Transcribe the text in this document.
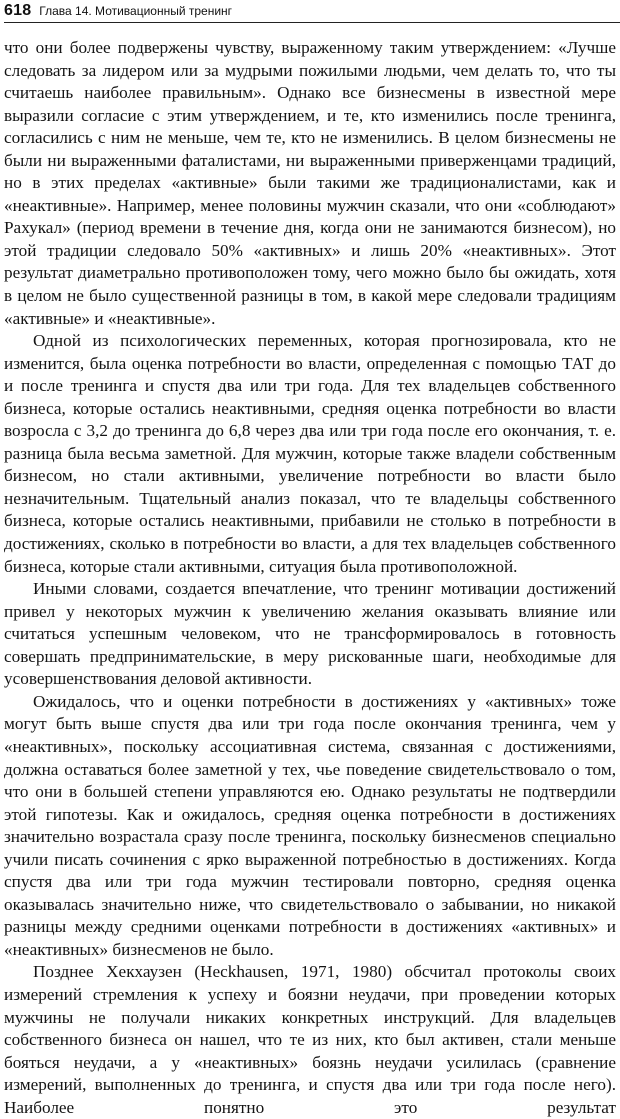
618 Глава 14. Мотивационный тренинг

что они более подвержены чувству, выраженному таким утверждением: «Лучше следовать за лидером или за мудрыми пожилыми людьми, чем делать то, что ты считаешь наиболее правильным». Однако все бизнесмены в известной мере выразили согласие с этим утверждением, и те, кто изменились после тренинга, согласились с ним не меньше, чем те, кто не изменились. В целом бизнесмены не были ни выраженными фаталистами, ни выраженными приверженцами традиций, но в этих пределах «активные» были такими же традиционалистами, как и «неактивные». Например, менее половины мужчин сказали, что они «соблюдают» Рахукал» (период времени в течение дня, когда они не занимаются бизнесом), но этой традиции следовало 50% «активных» и лишь 20% «неактивных». Этот результат диаметрально противоположен тому, чего можно было бы ожидать, хотя в целом не было существенной разницы в том, в какой мере следовали традициям «активные» и «неактивные».

Одной из психологических переменных, которая прогнозировала, кто не изменится, была оценка потребности во власти, определенная с помощью ТАТ до и после тренинга и спустя два или три года. Для тех владельцев собственного бизнеса, которые остались неактивными, средняя оценка потребности во власти возросла с 3,2 до тренинга до 6,8 через два или три года после его окончания, т. е. разница была весьма заметной. Для мужчин, которые также владели собственным бизнесом, но стали активными, увеличение потребности во власти было незначительным. Тщательный анализ показал, что те владельцы собственного бизнеса, которые остались неактивными, прибавили не столько в потребности в достижениях, сколько в потребности во власти, а для тех владельцев собственного бизнеса, которые стали активными, ситуация была противоположной.

Иными словами, создается впечатление, что тренинг мотивации достижений привел у некоторых мужчин к увеличению желания оказывать влияние или считаться успешным человеком, что не трансформировалось в готовность совершать предпринимательские, в меру рискованные шаги, необходимые для усовершенствования деловой активности.

Ожидалось, что и оценки потребности в достижениях у «активных» тоже могут быть выше спустя два или три года после окончания тренинга, чем у «неактивных», поскольку ассоциативная система, связанная с достижениями, должна оставаться более заметной у тех, чье поведение свидетельствовало о том, что они в большей степени управляются ею. Однако результаты не подтвердили этой гипотезы. Как и ожидалось, средняя оценка потребности в достижениях значительно возрастала сразу после тренинга, поскольку бизнесменов специально учили писать сочинения с ярко выраженной потребностью в достижениях. Когда спустя два или три года мужчин тестировали повторно, средняя оценка оказывалась значительно ниже, что свидетельствовало о забывании, но никакой разницы между средними оценками потребности в достижениях «активных» и «неактивных» бизнесменов не было.

Позднее Хекхаузен (Heckhausen, 1971, 1980) обсчитал протоколы своих измерений стремления к успеху и боязни неудачи, при проведении которых мужчины не получали никаких конкретных инструкций. Для владельцев собственного бизнеса он нашел, что те из них, кто был активен, стали меньше бояться неудачи, а у «неактивных» боязнь неудачи усилилась (сравнение измерений, выполненных до тренинга, и спустя два или три года после него). Наиболее понятно это результат
